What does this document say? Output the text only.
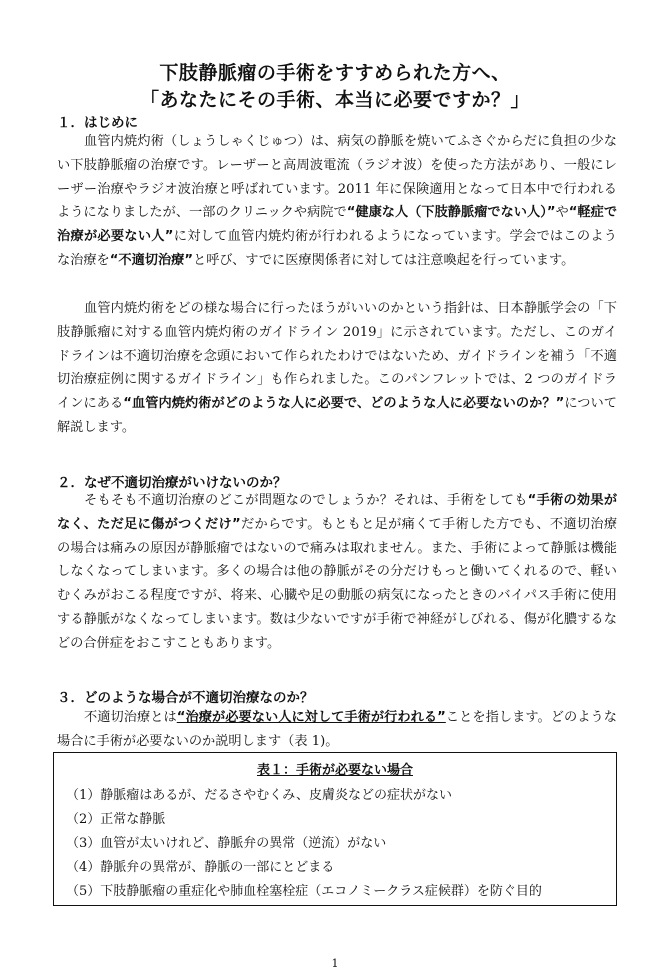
下肢静脈瘤の手術をすすめられた方へ、
「あなたにその手術、本当に必要ですか？」
１．はじめに

血管内焼灼術（しょうしゃくじゅつ）は、病気の静脈を焼いてふさぐからだに負担の少ない下肢静脈瘤の治療です。レーザーと高周波電流（ラジオ波）を使った方法があり、一般にレーザー治療やラジオ波治療と呼ばれています。2011 年に保険適用となって日本中で行われるようになりましたが、一部のクリニックや病院で“健康な人（下肢静脈瘤でない人）”や“軽症で治療が必要ない人”に対して血管内焼灼術が行われるようになっています。学会ではこのような治療を“不適切治療”と呼び、すでに医療関係者に対しては注意喚起を行っています。

血管内焼灼術をどの様な場合に行ったほうがいいのかという指針は、日本静脈学会の「下肢静脈瘤に対する血管内焼灼術のガイドライン 2019」に示されています。ただし、このガイドラインは不適切治療を念頭において作られたわけではないため、ガイドラインを補う「不適切治療症例に関するガイドライン」も作られました。このパンフレットでは、2 つのガイドラインにある“血管内焼灼術がどのような人に必要で、どのような人に必要ないのか？”について解説します。

２．なぜ不適切治療がいけないのか？

そもそも不適切治療のどこが問題なのでしょうか？それは、手術をしても“手術の効果がなく、ただ足に傷がつくだけ”だからです。もともと足が痛くて手術した方でも、不適切治療の場合は痛みの原因が静脈瘤ではないので痛みは取れません。また、手術によって静脈は機能しなくなってしまいます。多くの場合は他の静脈がその分だけもっと働いてくれるので、軽いむくみがおこる程度ですが、将来、心臓や足の動脈の病気になったときのバイパス手術に使用する静脈がなくなってしまいます。数は少ないですが手術で神経がしびれる、傷が化膿するなどの合併症をおこすこともあります。

３．どのような場合が不適切治療なのか？

不適切治療とは“治療が必要ない人に対して手術が行われる”ことを指します。どのような場合に手術が必要ないのか説明します（表 1)。

表１：手術が必要ない場合
（1）静脈瘤はあるが、だるさやむくみ、皮膚炎などの症状がない
（2）正常な静脈
（3）血管が太いけれど、静脈弁の異常（逆流）がない
（4）静脈弁の異常が、静脈の一部にとどまる
（5）下肢静脈瘤の重症化や肺血栓塞栓症（エコノミークラス症候群）を防ぐ目的
1
